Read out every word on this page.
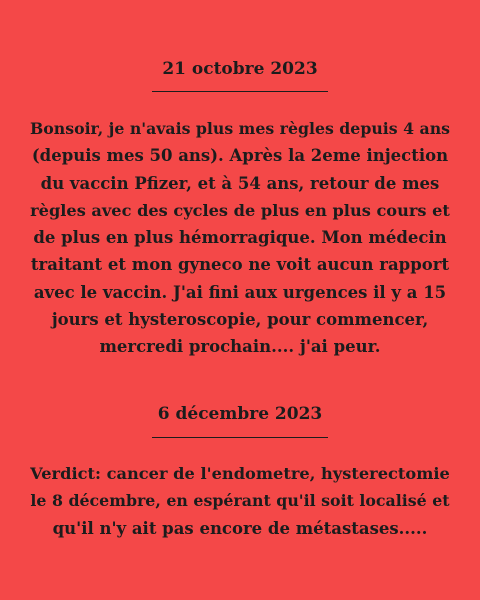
21 octobre 2023

Bonsoir, je n'avais plus mes règles depuis 4 ans
(depuis mes 50 ans). Après la 2eme injection
du vaccin Pfizer, et à 54 ans, retour de mes
règles avec des cycles de plus en plus cours et
de plus en plus hémorragique. Mon médecin
traitant et mon gyneco ne voit aucun rapport
avec le vaccin. J'ai fini aux urgences il y a 15
jours et hysteroscopie, pour commencer,
mercredi prochain.... j'ai peur.

6 décembre 2023

Verdict: cancer de l'endometre, hysterectomie
le 8 décembre, en espérant qu'il soit localisé et
qu'il n'y ait pas encore de métastases.....
